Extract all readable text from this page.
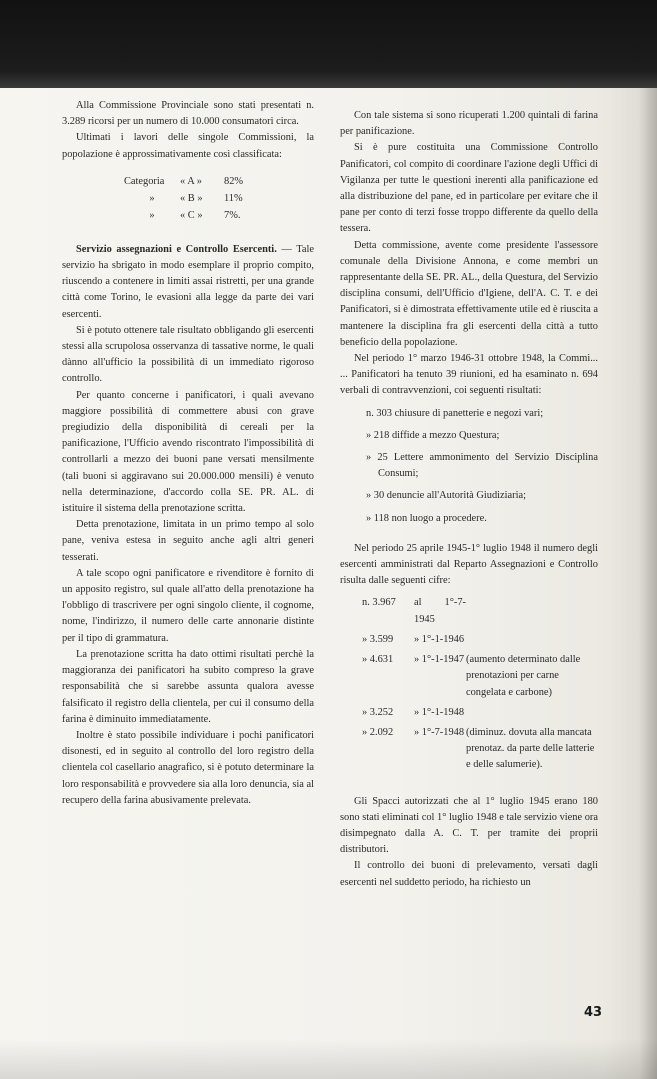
Alla Commissione Provinciale sono stati presentati n. 3.289 ricorsi per un numero di 10.000 consumatori circa.

Ultimati i lavori delle singole Commissioni, la popolazione è approssimativamente così classificata:

Categoria « A » 82%
» « B » 11%
» « C » 7%.

Servizio assegnazioni e Controllo Esercenti. — Tale servizio ha sbrigato in modo esemplare il proprio compito, riuscendo a contenere in limiti assai ristretti, per una grande città come Torino, le evasioni alla legge da parte dei vari esercenti.

Si è potuto ottenere tale risultato obbligando gli esercenti stessi alla scrupolosa osservanza di tassative norme, le quali dànno all'ufficio la possibilità di un immediato rigoroso controllo.

Per quanto concerne i panificatori, i quali avevano maggiore possibilità di commettere abusi con grave pregiudizio della disponibilità di cereali per la panificazione, l'Ufficio avendo riscontrato l'impossibilità di controllarli a mezzo dei buoni pane versati mensilmente (tali buoni si aggiravano sui 20.000.000 mensili) è venuto nella determinazione, d'accordo colla SE. PR. AL. di istituire il sistema della prenotazione scritta.

Detta prenotazione, limitata in un primo tempo al solo pane, veniva estesa in seguito anche agli altri generi tesserati.

A tale scopo ogni panificatore e rivenditore è fornito di un apposito registro, sul quale all'atto della prenotazione ha l'obbligo di trascrivere per ogni singolo cliente, il cognome, nome, l'indirizzo, il numero delle carte annonarie distinte per il tipo di grammatura.

La prenotazione scritta ha dato ottimi risultati perchè la maggioranza dei panificatori ha subito compreso la grave responsabilità che si sarebbe assunta qualora avesse falsificato il registro della clientela, per cui il consumo della farina è diminuito immediatamente.

Inoltre è stato possibile individuare i pochi panificatori disonesti, ed in seguito al controllo del loro registro della clientela col casellario anagrafico, si è potuto determinare la loro responsabilità e provvedere sia alla loro denuncia, sia al recupero della farina abusivamente prelevata.

Con tale sistema si sono ricuperati 1.200 quintali di farina per panificazione.

Si è pure costituita una Commissione Controllo Panificatori, col compito di coordinare l'azione degli Uffici di Vigilanza per tutte le questioni inerenti alla panificazione ed alla distribuzione del pane, ed in particolare per evitare che il pane per conto di terzi fosse troppo differente da quello della tessera.

Detta commissione, avente come presidente l'assessore comunale della Divisione Annona, e come membri un rappresentante della SE. PR. AL., della Questura, del Servizio disciplina consumi, dell'Ufficio d'Igiene, dell'A. C. T. e dei Panificatori, si è dimostrata effettivamente utile ed è riuscita a mantenere la disciplina fra gli esercenti della città a tutto beneficio della popolazione.

Nel periodo 1° marzo 1946-31 ottobre 1948, la Commi... ... Panificatori ha tenuto 39 riunioni, ed ha esaminato n. 694 verbali di contravvenzioni, coi seguenti risultati:

n. 303 chiusure di panetterie e negozi vari;
» 218 diffide a mezzo Questura;
» 25 Lettere ammonimento del Servizio Disciplina Consumi;
» 30 denuncie all'Autorità Giudiziaria;
» 118 non luogo a procedere.

Nel periodo 25 aprile 1945-1° luglio 1948 il numero degli esercenti amministrati dal Reparto Assegnazioni e Controllo risulta dalle seguenti cifre:

n. 3.967	al 1°-7-1945
» 3.599	» 1°-1-1946
» 4.631	» 1°-1-1947 (aumento determinato dalle prenotazioni per carne congelata e carbone)
» 3.252	» 1°-1-1948
» 2.092	» 1°-7-1948 (diminuz. dovuta alla mancata prenotaz. da parte delle latterie e delle salumerie).

Gli Spacci autorizzati che al 1° luglio 1945 erano 180 sono stati eliminati col 1° luglio 1948 e tale servizio viene ora disimpegnato dalla A. C. T. per tramite dei proprii distributori.

Il controllo dei buoni di prelevamento, versati dagli esercenti nel suddetto periodo, ha richiesto un

43
